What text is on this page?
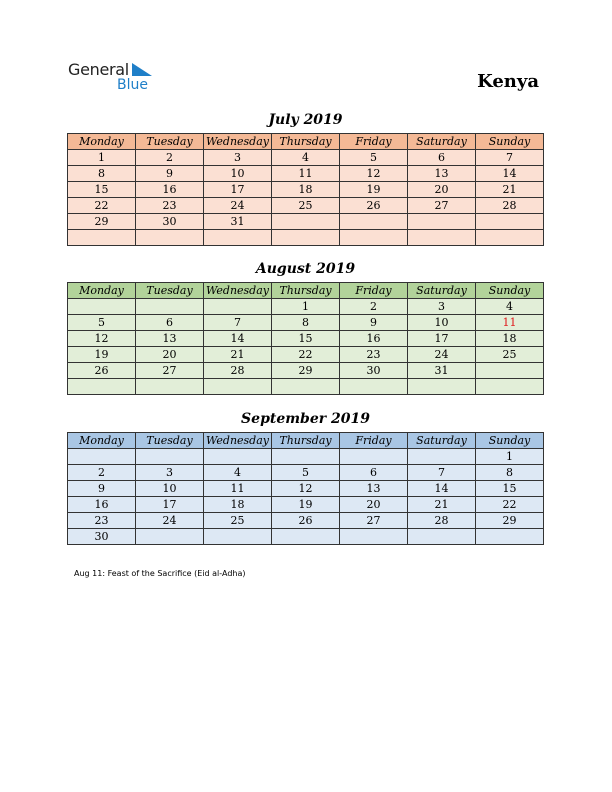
General
Blue	Kenya
July 2019
Monday	Tuesday	Wednesday	Thursday	Friday	Saturday	Sunday
1	2	3	4	5	6	7
8	9	10	11	12	13	14
15	16	17	18	19	20	21
22	23	24	25	26	27	28
29	30	31				

August 2019
Monday	Tuesday	Wednesday	Thursday	Friday	Saturday	Sunday
			1	2	3	4
5	6	7	8	9	10	11
12	13	14	15	16	17	18
19	20	21	22	23	24	25
26	27	28	29	30	31	

September 2019
Monday	Tuesday	Wednesday	Thursday	Friday	Saturday	Sunday
						1
2	3	4	5	6	7	8
9	10	11	12	13	14	15
16	17	18	19	20	21	22
23	24	25	26	27	28	29
30						
Aug 11: Feast of the Sacrifice (Eid al-Adha)
